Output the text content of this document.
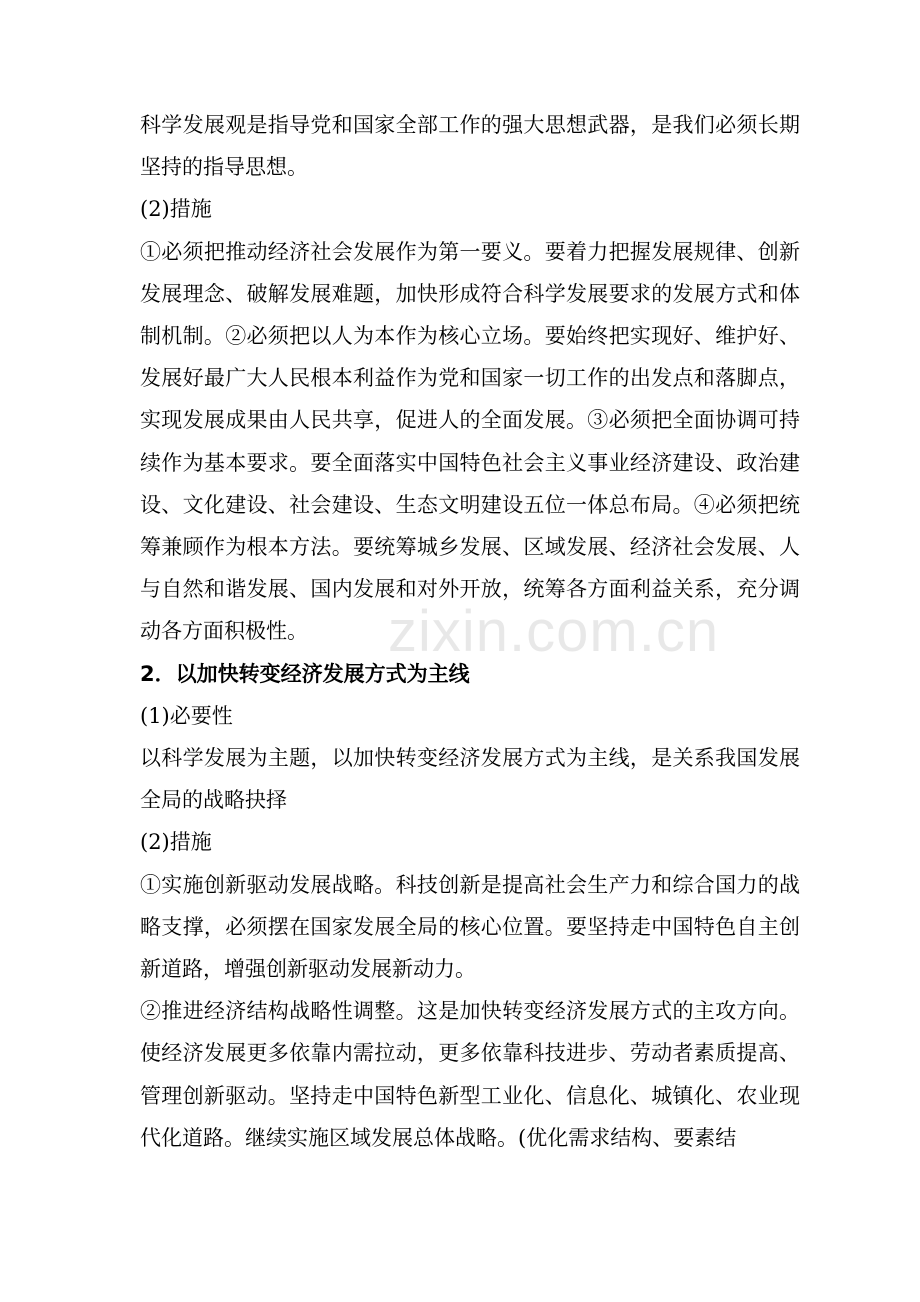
科学发展观是指导党和国家全部工作的强大思想武器，是我们必须长期坚持的指导思想。

(2)措施

①必须把推动经济社会发展作为第一要义。要着力把握发展规律、创新发展理念、破解发展难题，加快形成符合科学发展要求的发展方式和体制机制。②必须把以人为本作为核心立场。要始终把实现好、维护好、发展好最广大人民根本利益作为党和国家一切工作的出发点和落脚点，实现发展成果由人民共享，促进人的全面发展。③必须把全面协调可持续作为基本要求。要全面落实中国特色社会主义事业经济建设、政治建设、文化建设、社会建设、生态文明建设五位一体总布局。④必须把统筹兼顾作为根本方法。要统筹城乡发展、区域发展、经济社会发展、人与自然和谐发展、国内发展和对外开放，统筹各方面利益关系，充分调动各方面积极性。

2．以加快转变经济发展方式为主线

(1)必要性

以科学发展为主题，以加快转变经济发展方式为主线，是关系我国发展全局的战略抉择

(2)措施

①实施创新驱动发展战略。科技创新是提高社会生产力和综合国力的战略支撑，必须摆在国家发展全局的核心位置。要坚持走中国特色自主创新道路，增强创新驱动发展新动力。

②推进经济结构战略性调整。这是加快转变经济发展方式的主攻方向。使经济发展更多依靠内需拉动，更多依靠科技进步、劳动者素质提高、管理创新驱动。坚持走中国特色新型工业化、信息化、城镇化、农业现代化道路。继续实施区域发展总体战略。(优化需求结构、要素结

zixin.com.cn
